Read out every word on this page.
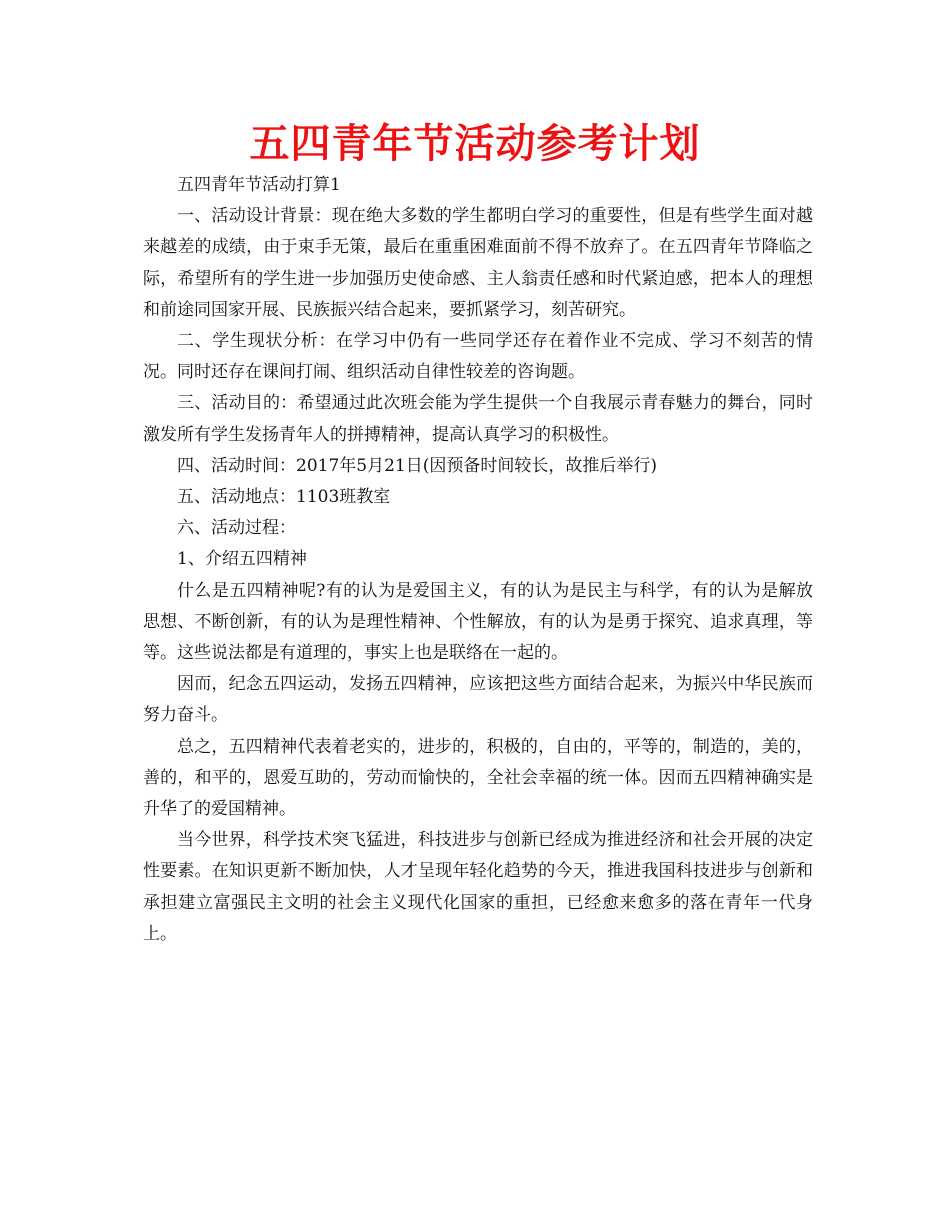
五四青年节活动参考计划

五四青年节活动打算1

一、活动设计背景：现在绝大多数的学生都明白学习的重要性，但是有些学生面对越来越差的成绩，由于束手无策，最后在重重困难面前不得不放弃了。在五四青年节降临之际，希望所有的学生进一步加强历史使命感、主人翁责任感和时代紧迫感，把本人的理想和前途同国家开展、民族振兴结合起来，要抓紧学习，刻苦研究。

二、学生现状分析：在学习中仍有一些同学还存在着作业不完成、学习不刻苦的情况。同时还存在课间打闹、组织活动自律性较差的咨询题。

三、活动目的：希望通过此次班会能为学生提供一个自我展示青春魅力的舞台，同时激发所有学生发扬青年人的拼搏精神，提高认真学习的积极性。

四、活动时间：2017年5月21日(因预备时间较长，故推后举行)

五、活动地点：1103班教室

六、活动过程：

1、介绍五四精神

什么是五四精神呢?有的认为是爱国主义，有的认为是民主与科学，有的认为是解放思想、不断创新，有的认为是理性精神、个性解放，有的认为是勇于探究、追求真理，等等。这些说法都是有道理的，事实上也是联络在一起的。

因而，纪念五四运动，发扬五四精神，应该把这些方面结合起来，为振兴中华民族而努力奋斗。

总之，五四精神代表着老实的，进步的，积极的，自由的，平等的，制造的，美的，善的，和平的，恩爱互助的，劳动而愉快的，全社会幸福的统一体。因而五四精神确实是升华了的爱国精神。

当今世界，科学技术突飞猛进，科技进步与创新已经成为推进经济和社会开展的决定性要素。在知识更新不断加快，人才呈现年轻化趋势的今天，推进我国科技进步与创新和承担建立富强民主文明的社会主义现代化国家的重担，已经愈来愈多的落在青年一代身上。
